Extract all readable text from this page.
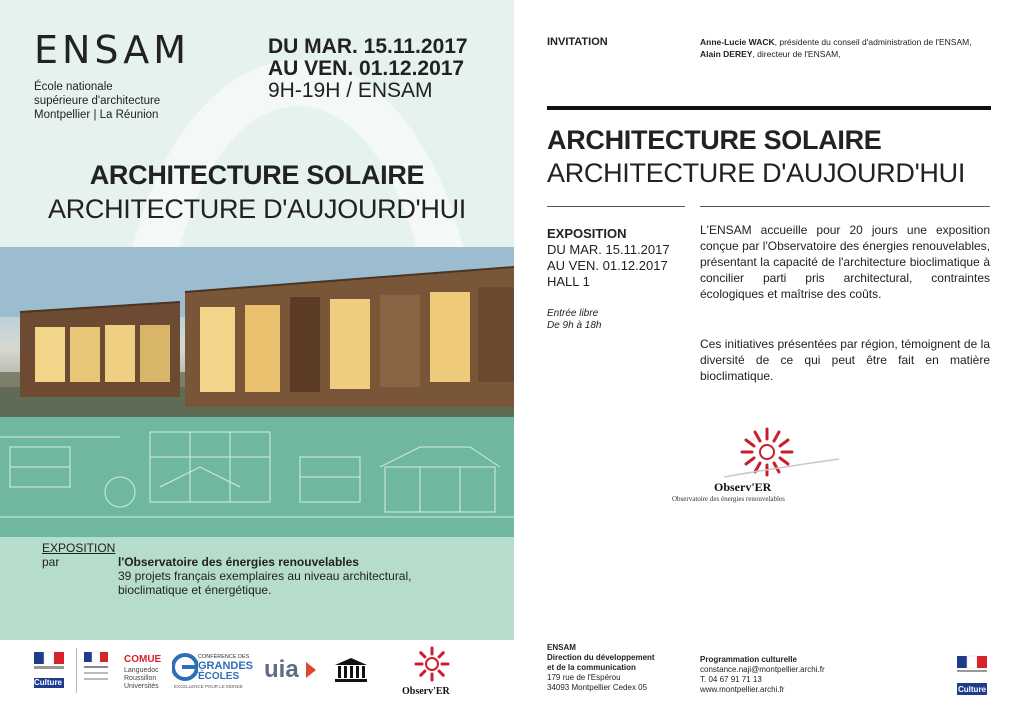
ENSAM
École nationale
supérieure d'architecture
Montpellier | La Réunion
DU MAR. 15.11.2017
AU VEN. 01.12.2017
9H-19H / ENSAM
ARCHITECTURE SOLAIRE
ARCHITECTURE D'AUJOURD'HUI
EXPOSITION
par	l'Observatoire des énergies renouvelables
39 projets français exemplaires au niveau architectural,
bioclimatique et énergétique.
Culture
COMUE
Languedoc
Roussillon
Universités
CONFÉRENCE DES
GRANDES
ÉCOLES
EXCELLENCE POUR LE MONDE
uia
Observ'ER
INVITATION	Anne-Lucie WACK, présidente du conseil d'administration de l'ENSAM,
Alain DEREY, directeur de l'ENSAM,
ARCHITECTURE SOLAIRE
ARCHITECTURE D'AUJOURD'HUI
EXPOSITION
DU MAR. 15.11.2017
AU VEN. 01.12.2017
HALL 1
Entrée libre
De 9h à 18h
L'ENSAM accueille pour 20 jours une exposition conçue par l'Observatoire des énergies renouvelables, présentant la capacité de l'architecture bioclimatique à concilier parti pris architectural, contraintes écologiques et maîtrise des coûts.
Ces initiatives présentées par région, témoignent de la diversité de ce qui peut être fait en matière bioclimatique.
Observ'ER
Observatoire des énergies renouvelables
ENSAM
Direction du développement
et de la communication
179 rue de l'Espérou
34093 Montpellier Cedex 05
Programmation culturelle
constance.naji@montpellier.archi.fr
T. 04 67 91 71 13
www.montpellier.archi.fr	Culture
